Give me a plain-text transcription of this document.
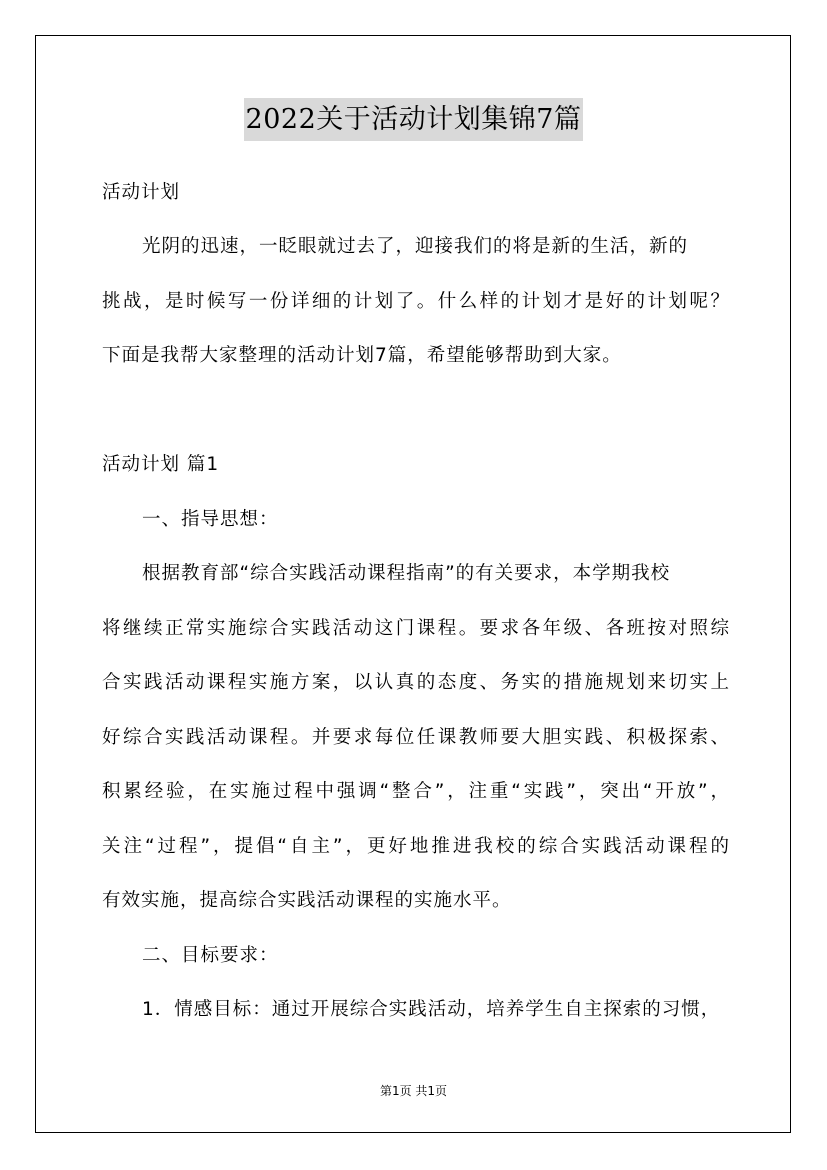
2022关于活动计划集锦7篇
活动计划
光阴的迅速，一眨眼就过去了，迎接我们的将是新的生活，新的
挑战，是时候写一份详细的计划了。什么样的计划才是好的计划呢？
下面是我帮大家整理的活动计划7篇，希望能够帮助到大家。
活动计划 篇1
一、指导思想：
根据教育部“综合实践活动课程指南”的有关要求，本学期我校
将继续正常实施综合实践活动这门课程。要求各年级、各班按对照综
合实践活动课程实施方案，以认真的态度、务实的措施规划来切实上
好综合实践活动课程。并要求每位任课教师要大胆实践、积极探索、
积累经验，在实施过程中强调“整合”，注重“实践”，突出“开放”，
关注“过程”，提倡“自主”，更好地推进我校的综合实践活动课程的
有效实施，提高综合实践活动课程的实施水平。
二、目标要求：
1．情感目标：通过开展综合实践活动，培养学生自主探索的习惯，
第1页 共1页
